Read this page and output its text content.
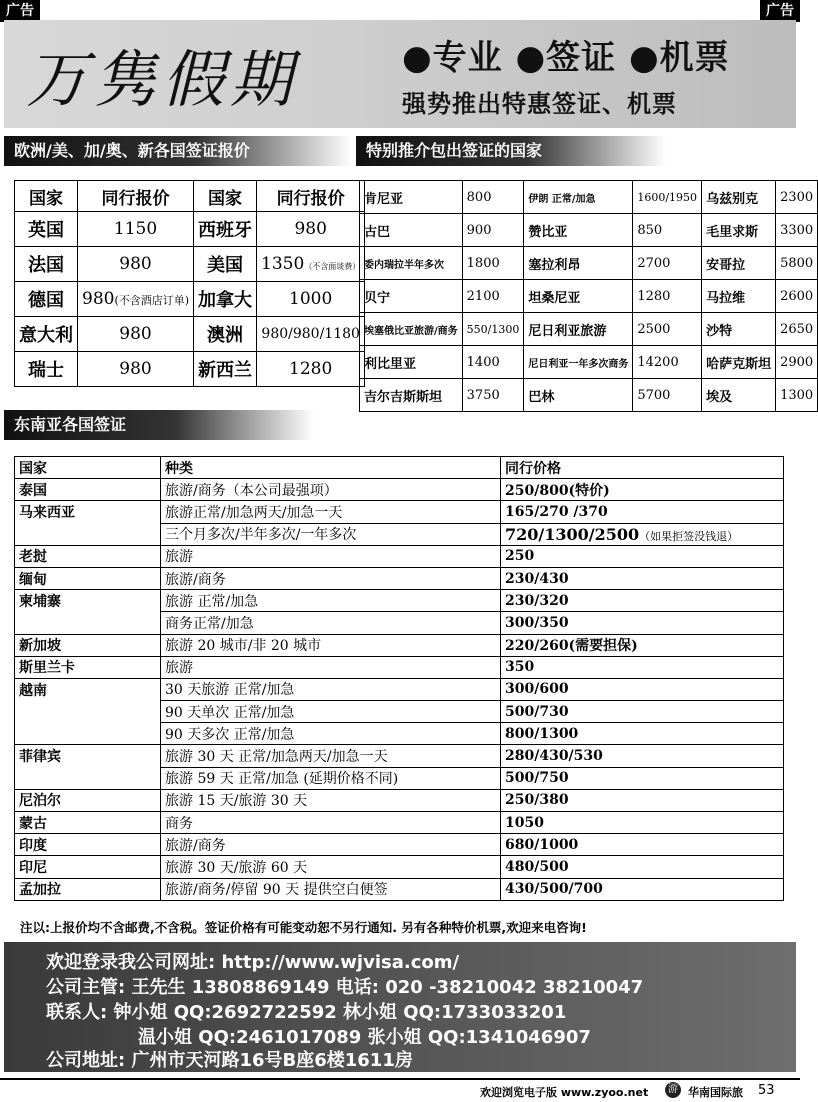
广告	广告
万隽假期	●专业 ●签证 ●机票
强势推出特惠签证、机票
欧洲/美、加/奥、新各国签证报价
国家	同行报价	国家	同行报价
英国	1150	西班牙	980
法国	980	美国	1350（不含面谈费）
德国	980(不含酒店订单)	加拿大	1000
意大利	980	澳洲	980/980/1180
瑞士	980	新西兰	1280
特别推介包出签证的国家
肯尼亚	800	伊朗 正常/加急	1600/1950	乌兹别克	2300
古巴	900	赞比亚	850	毛里求斯	3300
委内瑞拉半年多次	1800	塞拉利昂	2700	安哥拉	5800
贝宁	2100	坦桑尼亚	1280	马拉维	2600
埃塞俄比亚旅游/商务	550/1300	尼日利亚旅游	2500	沙特	2650
利比里亚	1400	尼日利亚一年多次商务	14200	哈萨克斯坦	2900
吉尔吉斯斯坦	3750	巴林	5700	埃及	1300
东南亚各国签证
国家	种类	同行价格
泰国	旅游/商务（本公司最强项）	250/800(特价)
马来西亚	旅游正常/加急两天/加急一天	165/270 /370
	三个月多次/半年多次/一年多次	720/1300/2500（如果拒签没钱退）
老挝	旅游	250
缅甸	旅游/商务	230/430
柬埔寨	旅游 正常/加急	230/320
	商务正常/加急	300/350
新加坡	旅游 20 城市/非 20 城市	220/260(需要担保)
斯里兰卡	旅游	350
越南	30 天旅游 正常/加急	300/600
	90 天单次 正常/加急	500/730
	90 天多次 正常/加急	800/1300
菲律宾	旅游 30 天 正常/加急两天/加急一天	280/430/530
	旅游 59 天 正常/加急 (延期价格不同)	500/750
尼泊尔	旅游 15 天/旅游 30 天	250/380
蒙古	商务	1050
印度	旅游/商务	680/1000
印尼	旅游 30 天/旅游 60 天	480/500
孟加拉	旅游/商务/停留 90 天 提供空白便签	430/500/700
注以:上报价均不含邮费,不含税。签证价格有可能变动恕不另行通知. 另有各种特价机票,欢迎来电咨询!
欢迎登录我公司网址: http://www.wjvisa.com/
公司主管: 王先生 13808869149 电话: 020 -38210042 38210047
联系人: 钟小姐 QQ:2692722592 林小姐 QQ:1733033201
温小姐 QQ:2461017089 张小姐 QQ:1341046907
公司地址: 广州市天河路16号B座6楼1611房
欢迎浏览电子版 www.zyoo.net	游 华南国际旅 53
